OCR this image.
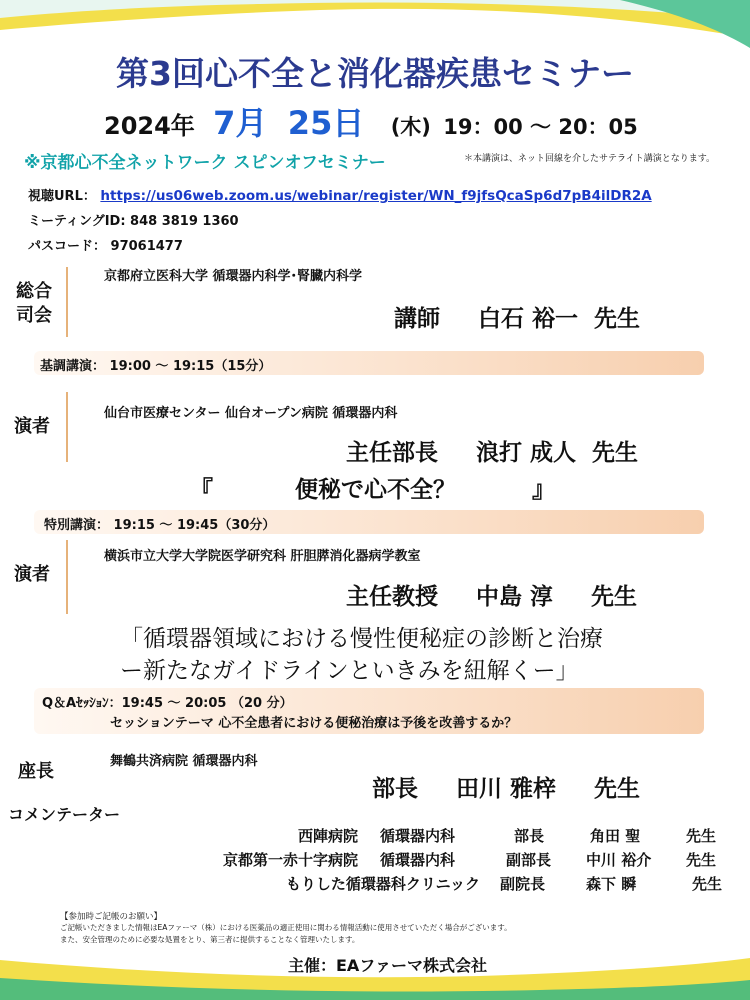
第3回心不全と消化器疾患セミナー
2024年 7月 25日 (木) 19：00 ～ 20：05
※京都心不全ネットワーク スピンオフセミナー	＊本講演は、ネット回線を介したサテライト講演となります。
視聴URL： https://us06web.zoom.us/webinar/register/WN_f9jfsQcaSp6d7pB4ilDR2A
ミーティングID: 848 3819 1360
パスコード： 97061477
総合
司会
京都府立医科大学 循環器内科学･腎臓内科学
講師 白石 裕一 先生
基調講演： 19:00 ～ 19:15（15分）
演者
仙台市医療センター 仙台オープン病院 循環器内科
主任部長 浪打 成人 先生
『	便秘で心不全？	』
特別講演： 19:15 ～ 19:45（30分）
演者
横浜市立大学大学院医学研究科 肝胆膵消化器病学教室
主任教授 中島 淳 先生
「循環器領域における慢性便秘症の診断と治療
ー新たなガイドラインといきみを紐解くー」
Q＆Aｾｯｼｮﾝ：19:45 ～ 20:05 （20 分）
セッションテーマ 心不全患者における便秘治療は予後を改善するか？
座長	舞鶴共済病院 循環器内科
部長 田川 雅梓 先生
コメンテーター
西陣病院 循環器内科	部長	角田 聖	先生
京都第一赤十字病院 循環器内科	副部長 中川 裕介 先生
もりした循環器科クリニック 副院長	森下 瞬	先生
【参加時ご記帳のお願い】
ご記帳いただきました情報はEAファーマ（株）における医薬品の適正使用に関わる情報活動に使用させていただく場合がございます。
また、安全管理のために必要な処置をとり、第三者に提供することなく管理いたします。
主催：EAファーマ株式会社
